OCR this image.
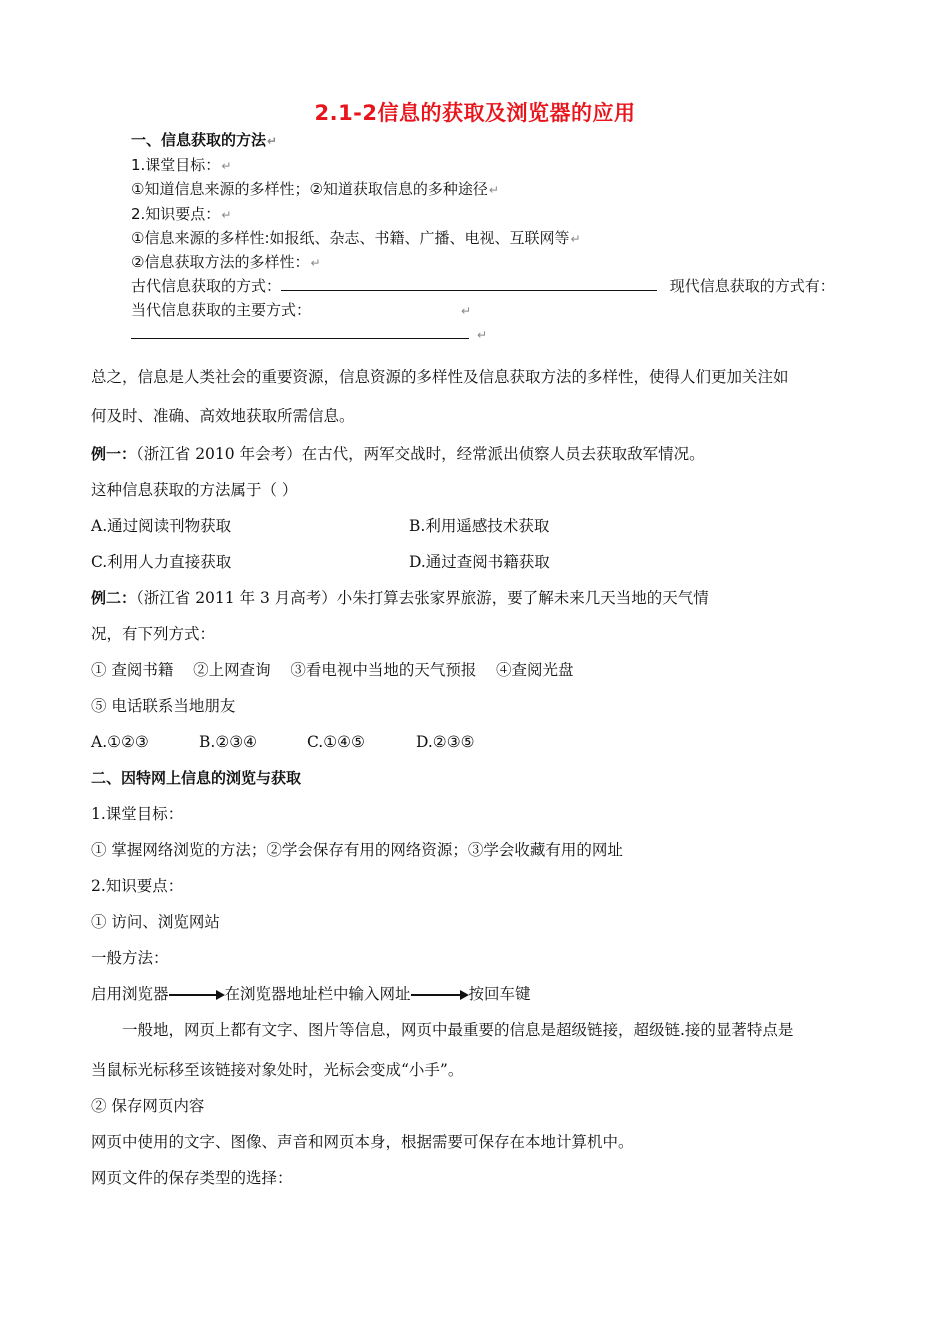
2.1-2信息的获取及浏览器的应用
一、信息获取的方法↵
1.课堂目标：↵
①知道信息来源的多样性；②知道获取信息的多种途径↵
2.知识要点：↵
①信息来源的多样性:如报纸、杂志、书籍、广播、电视、互联网等↵
②信息获取方法的多样性：↵
古代信息获取的方式：	现代信息获取的方式有：
当代信息获取的主要方式：	↵
↵
总之，信息是人类社会的重要资源，信息资源的多样性及信息获取方法的多样性，使得人们更加关注如
何及时、准确、高效地获取所需信息。
例一：（浙江省 2010 年会考）在古代，两军交战时，经常派出侦察人员去获取敌军情况。
这种信息获取的方法属于（ ）
A.通过阅读刊物获取	B.利用遥感技术获取
C.利用人力直接获取	D.通过查阅书籍获取
例二：（浙江省 2011 年 3 月高考）小朱打算去张家界旅游，要了解未来几天当地的天气情
况，有下列方式：
① 查阅书籍    ②上网查询    ③看电视中当地的天气预报    ④查阅光盘
⑤ 电话联系当地朋友
A.①②③	B.②③④	C.①④⑤	D.②③⑤
二、因特网上信息的浏览与获取
1.课堂目标：
① 掌握网络浏览的方法；②学会保存有用的网络资源；③学会收藏有用的网址
2.知识要点：
① 访问、浏览网站
一般方法：
启用浏览器	在浏览器地址栏中输入网址	按回车键
一般地，网页上都有文字、图片等信息，网页中最重要的信息是超级链接，超级链.接的显著特点是
当鼠标光标移至该链接对象处时，光标会变成“小手”。
② 保存网页内容
网页中使用的文字、图像、声音和网页本身，根据需要可保存在本地计算机中。
网页文件的保存类型的选择：
